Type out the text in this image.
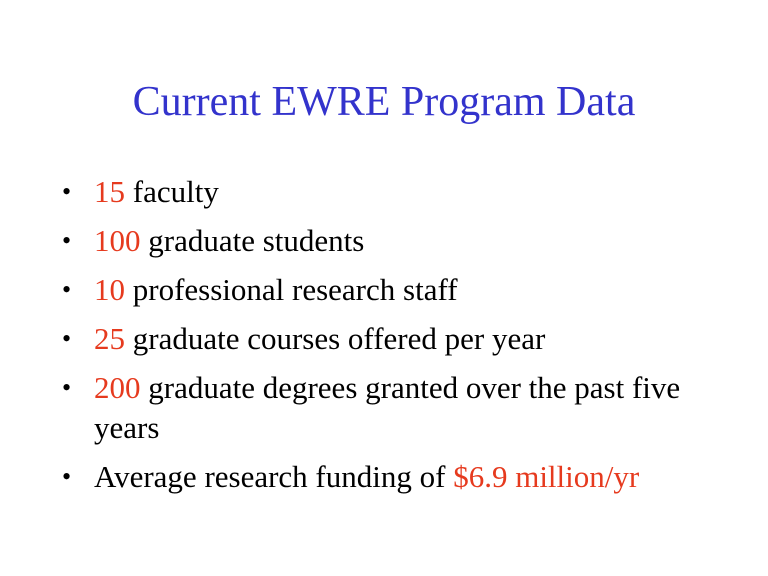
Current EWRE Program Data
• 15 faculty
• 100 graduate students
• 10 professional research staff
• 25 graduate courses offered per year
• 200 graduate degrees granted over the past five years
• Average research funding of $6.9 million/yr
